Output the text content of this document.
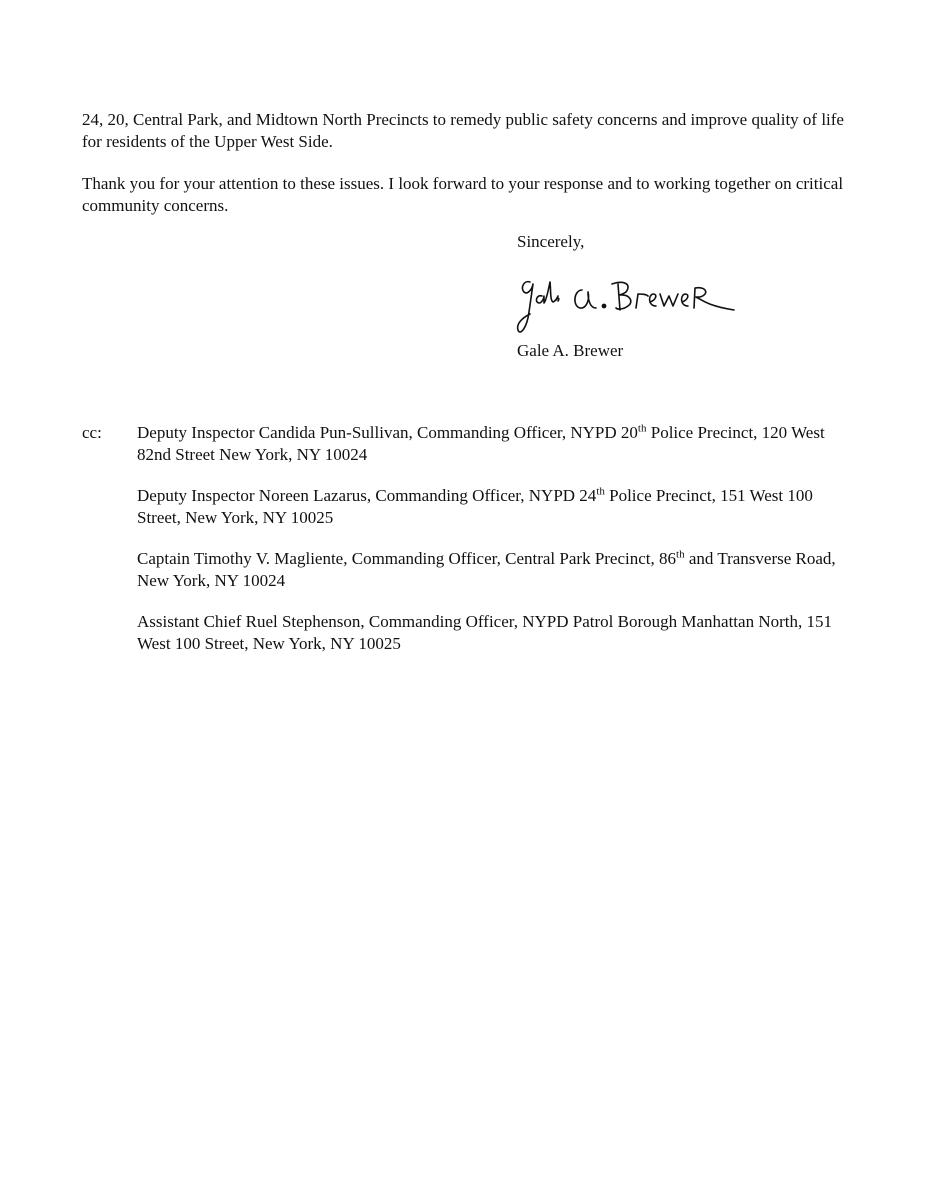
24, 20, Central Park, and Midtown North Precincts to remedy public safety concerns and improve quality of life for residents of the Upper West Side.

Thank you for your attention to these issues. I look forward to your response and to working together on critical community concerns.

Sincerely,

Gale A. Brewer

cc: Deputy Inspector Candida Pun-Sullivan, Commanding Officer, NYPD 20th Police Precinct, 120 West 82nd Street New York, NY 10024

Deputy Inspector Noreen Lazarus, Commanding Officer, NYPD 24th Police Precinct, 151 West 100 Street, New York, NY 10025

Captain Timothy V. Magliente, Commanding Officer, Central Park Precinct, 86th and Transverse Road, New York, NY 10024

Assistant Chief Ruel Stephenson, Commanding Officer, NYPD Patrol Borough Manhattan North, 151 West 100 Street, New York, NY 10025
